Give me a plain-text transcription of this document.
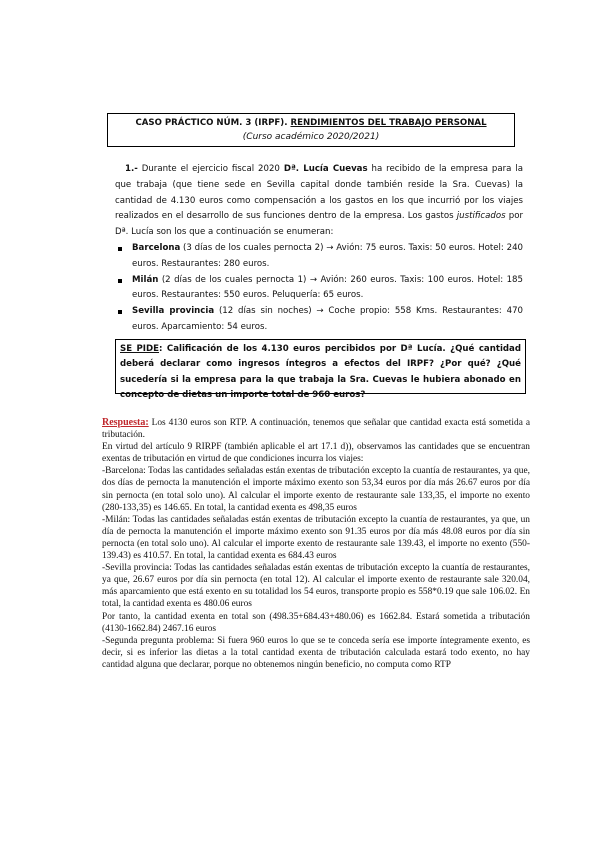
CASO PRÁCTICO NÚM. 3 (IRPF). RENDIMIENTOS DEL TRABAJO PERSONAL
(Curso académico 2020/2021)

1.- Durante el ejercicio fiscal 2020 Dª. Lucía Cuevas ha recibido de la empresa para la que trabaja (que tiene sede en Sevilla capital donde también reside la Sra. Cuevas) la cantidad de 4.130 euros como compensación a los gastos en los que incurrió por los viajes realizados en el desarrollo de sus funciones dentro de la empresa. Los gastos justificados por Dª. Lucía son los que a continuación se enumeran:

Barcelona (3 días de los cuales pernocta 2) → Avión: 75 euros. Taxis: 50 euros. Hotel: 240 euros. Restaurantes: 280 euros.
Milán (2 días de los cuales pernocta 1) → Avión: 260 euros. Taxis: 100 euros. Hotel: 185 euros. Restaurantes: 550 euros. Peluquería: 65 euros.
Sevilla provincia (12 días sin noches) → Coche propio: 558 Kms. Restaurantes: 470 euros. Aparcamiento: 54 euros.
SE PIDE: Calificación de los 4.130 euros percibidos por Dª Lucía. ¿Qué cantidad deberá declarar como ingresos íntegros a efectos del IRPF? ¿Por qué? ¿Qué sucedería si la empresa para la que trabaja la Sra. Cuevas le hubiera abonado en concepto de dietas un importe total de 960 euros?

Respuesta: Los 4130 euros son RTP. A continuación, tenemos que señalar que cantidad exacta está sometida a tributación.

En virtud del artículo 9 RIRPF (también aplicable el art 17.1 d)), observamos las cantidades que se encuentran exentas de tributación en virtud de que condiciones incurra los viajes:

-Barcelona: Todas las cantidades señaladas están exentas de tributación excepto la cuantía de restaurantes, ya que, dos días de pernocta la manutención el importe máximo exento son 53,34 euros por día más 26.67 euros por día sin pernocta (en total solo uno). Al calcular el importe exento de restaurante sale 133,35, el importe no exento (280-133,35) es 146.65. En total, la cantidad exenta es 498,35 euros

-Milán: Todas las cantidades señaladas están exentas de tributación excepto la cuantía de restaurantes, ya que, un día de pernocta la manutención el importe máximo exento son 91.35 euros por día más 48.08 euros por día sin pernocta (en total solo uno). Al calcular el importe exento de restaurante sale 139.43, el importe no exento (550-139.43) es 410.57. En total, la cantidad exenta es 684.43 euros

-Sevilla provincia: Todas las cantidades señaladas están exentas de tributación excepto la cuantía de restaurantes, ya que, 26.67 euros por día sin pernocta (en total 12). Al calcular el importe exento de restaurante sale 320.04, más aparcamiento que está exento en su totalidad los 54 euros, transporte propio es 558*0.19 que sale 106.02. En total, la cantidad exenta es 480.06 euros

Por tanto, la cantidad exenta en total son (498.35+684.43+480.06) es 1662.84. Estará sometida a tributación (4130-1662.84) 2467.16 euros

-Segunda pregunta problema: Si fuera 960 euros lo que se te conceda sería ese importe íntegramente exento, es decir, si es inferior las dietas a la total cantidad exenta de tributación calculada estará todo exento, no hay cantidad alguna que declarar, porque no obtenemos ningún beneficio, no computa como RTP
